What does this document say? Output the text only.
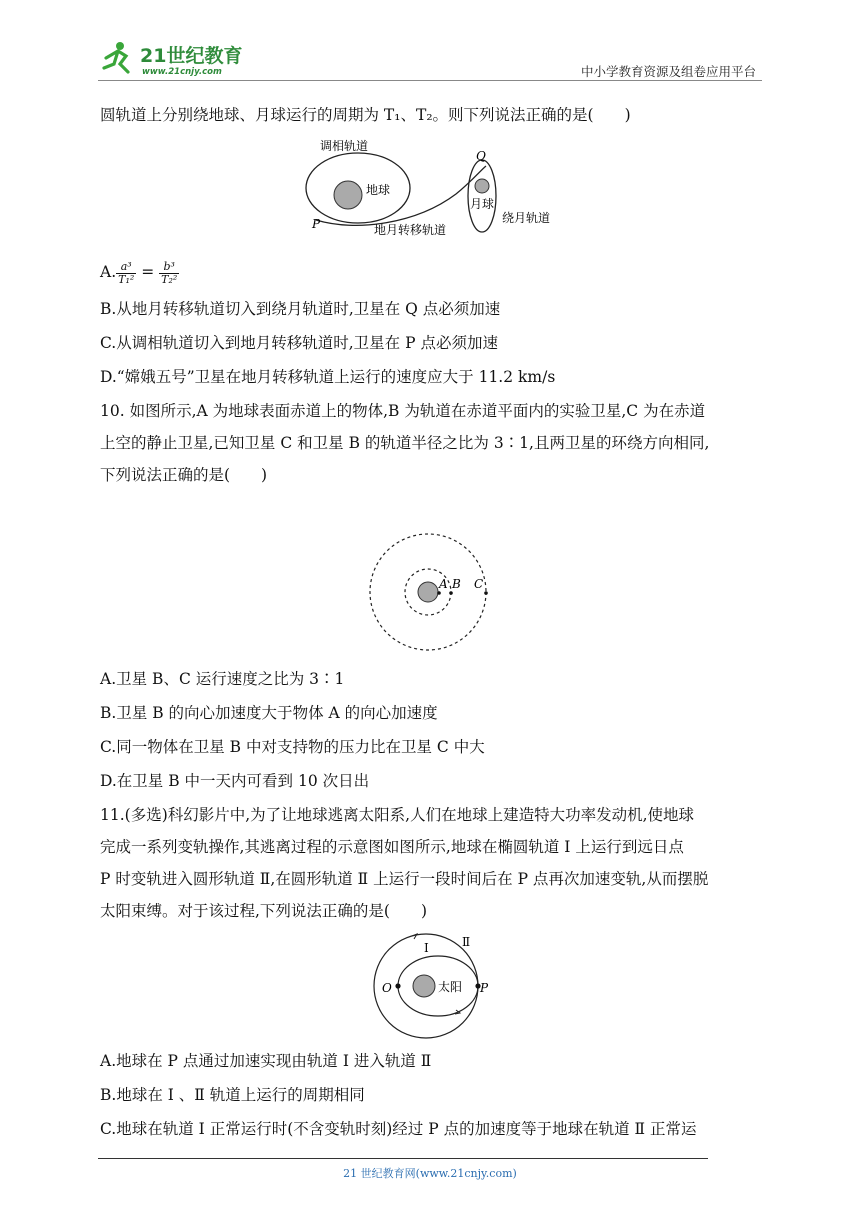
21世纪教育
www.21cnjy.com	中小学教育资源及组卷应用平台
圆轨道上分别绕地球、月球运行的周期为 T₁、T₂。则下列说法正确的是(　　)
调相轨道
地球
地月转移轨道
月球
绕月轨道
P
Q
A. $\frac{\text{a³}}{\text{T₁²}} = \frac{\text{b³}}{\text{T₂²}}$
B.从地月转移轨道切入到绕月轨道时,卫星在 Q 点必须加速
C.从调相轨道切入到地月转移轨道时,卫星在 P 点必须加速
D.“嫦娥五号”卫星在地月转移轨道上运行的速度应大于 11.2 km/s
10. 如图所示,A 为地球表面赤道上的物体,B 为轨道在赤道平面内的实验卫星,C 为在赤道
上空的静止卫星,已知卫星 C 和卫星 B 的轨道半径之比为 3∶1,且两卫星的环绕方向相同,
下列说法正确的是(　　)
A B C
A.卫星 B、C 运行速度之比为 3∶1
B.卫星 B 的向心加速度大于物体 A 的向心加速度
C.同一物体在卫星 B 中对支持物的压力比在卫星 C 中大
D.在卫星 B 中一天内可看到 10 次日出
11.(多选)科幻影片中,为了让地球逃离太阳系,人们在地球上建造特大功率发动机,使地球
完成一系列变轨操作,其逃离过程的示意图如图所示,地球在椭圆轨道 Ⅰ 上运行到远日点
P 时变轨进入圆形轨道 Ⅱ,在圆形轨道 Ⅱ 上运行一段时间后在 P 点再次加速变轨,从而摆脱
太阳束缚。对于该过程,下列说法正确的是(　　)
Ⅰ	Ⅱ
太阳
O	P
A.地球在 P 点通过加速实现由轨道 Ⅰ 进入轨道 Ⅱ
B.地球在 Ⅰ 、Ⅱ 轨道上运行的周期相同
C.地球在轨道 Ⅰ 正常运行时(不含变轨时刻)经过 P 点的加速度等于地球在轨道 Ⅱ 正常运
21 世纪教育网(www.21cnjy.com)
